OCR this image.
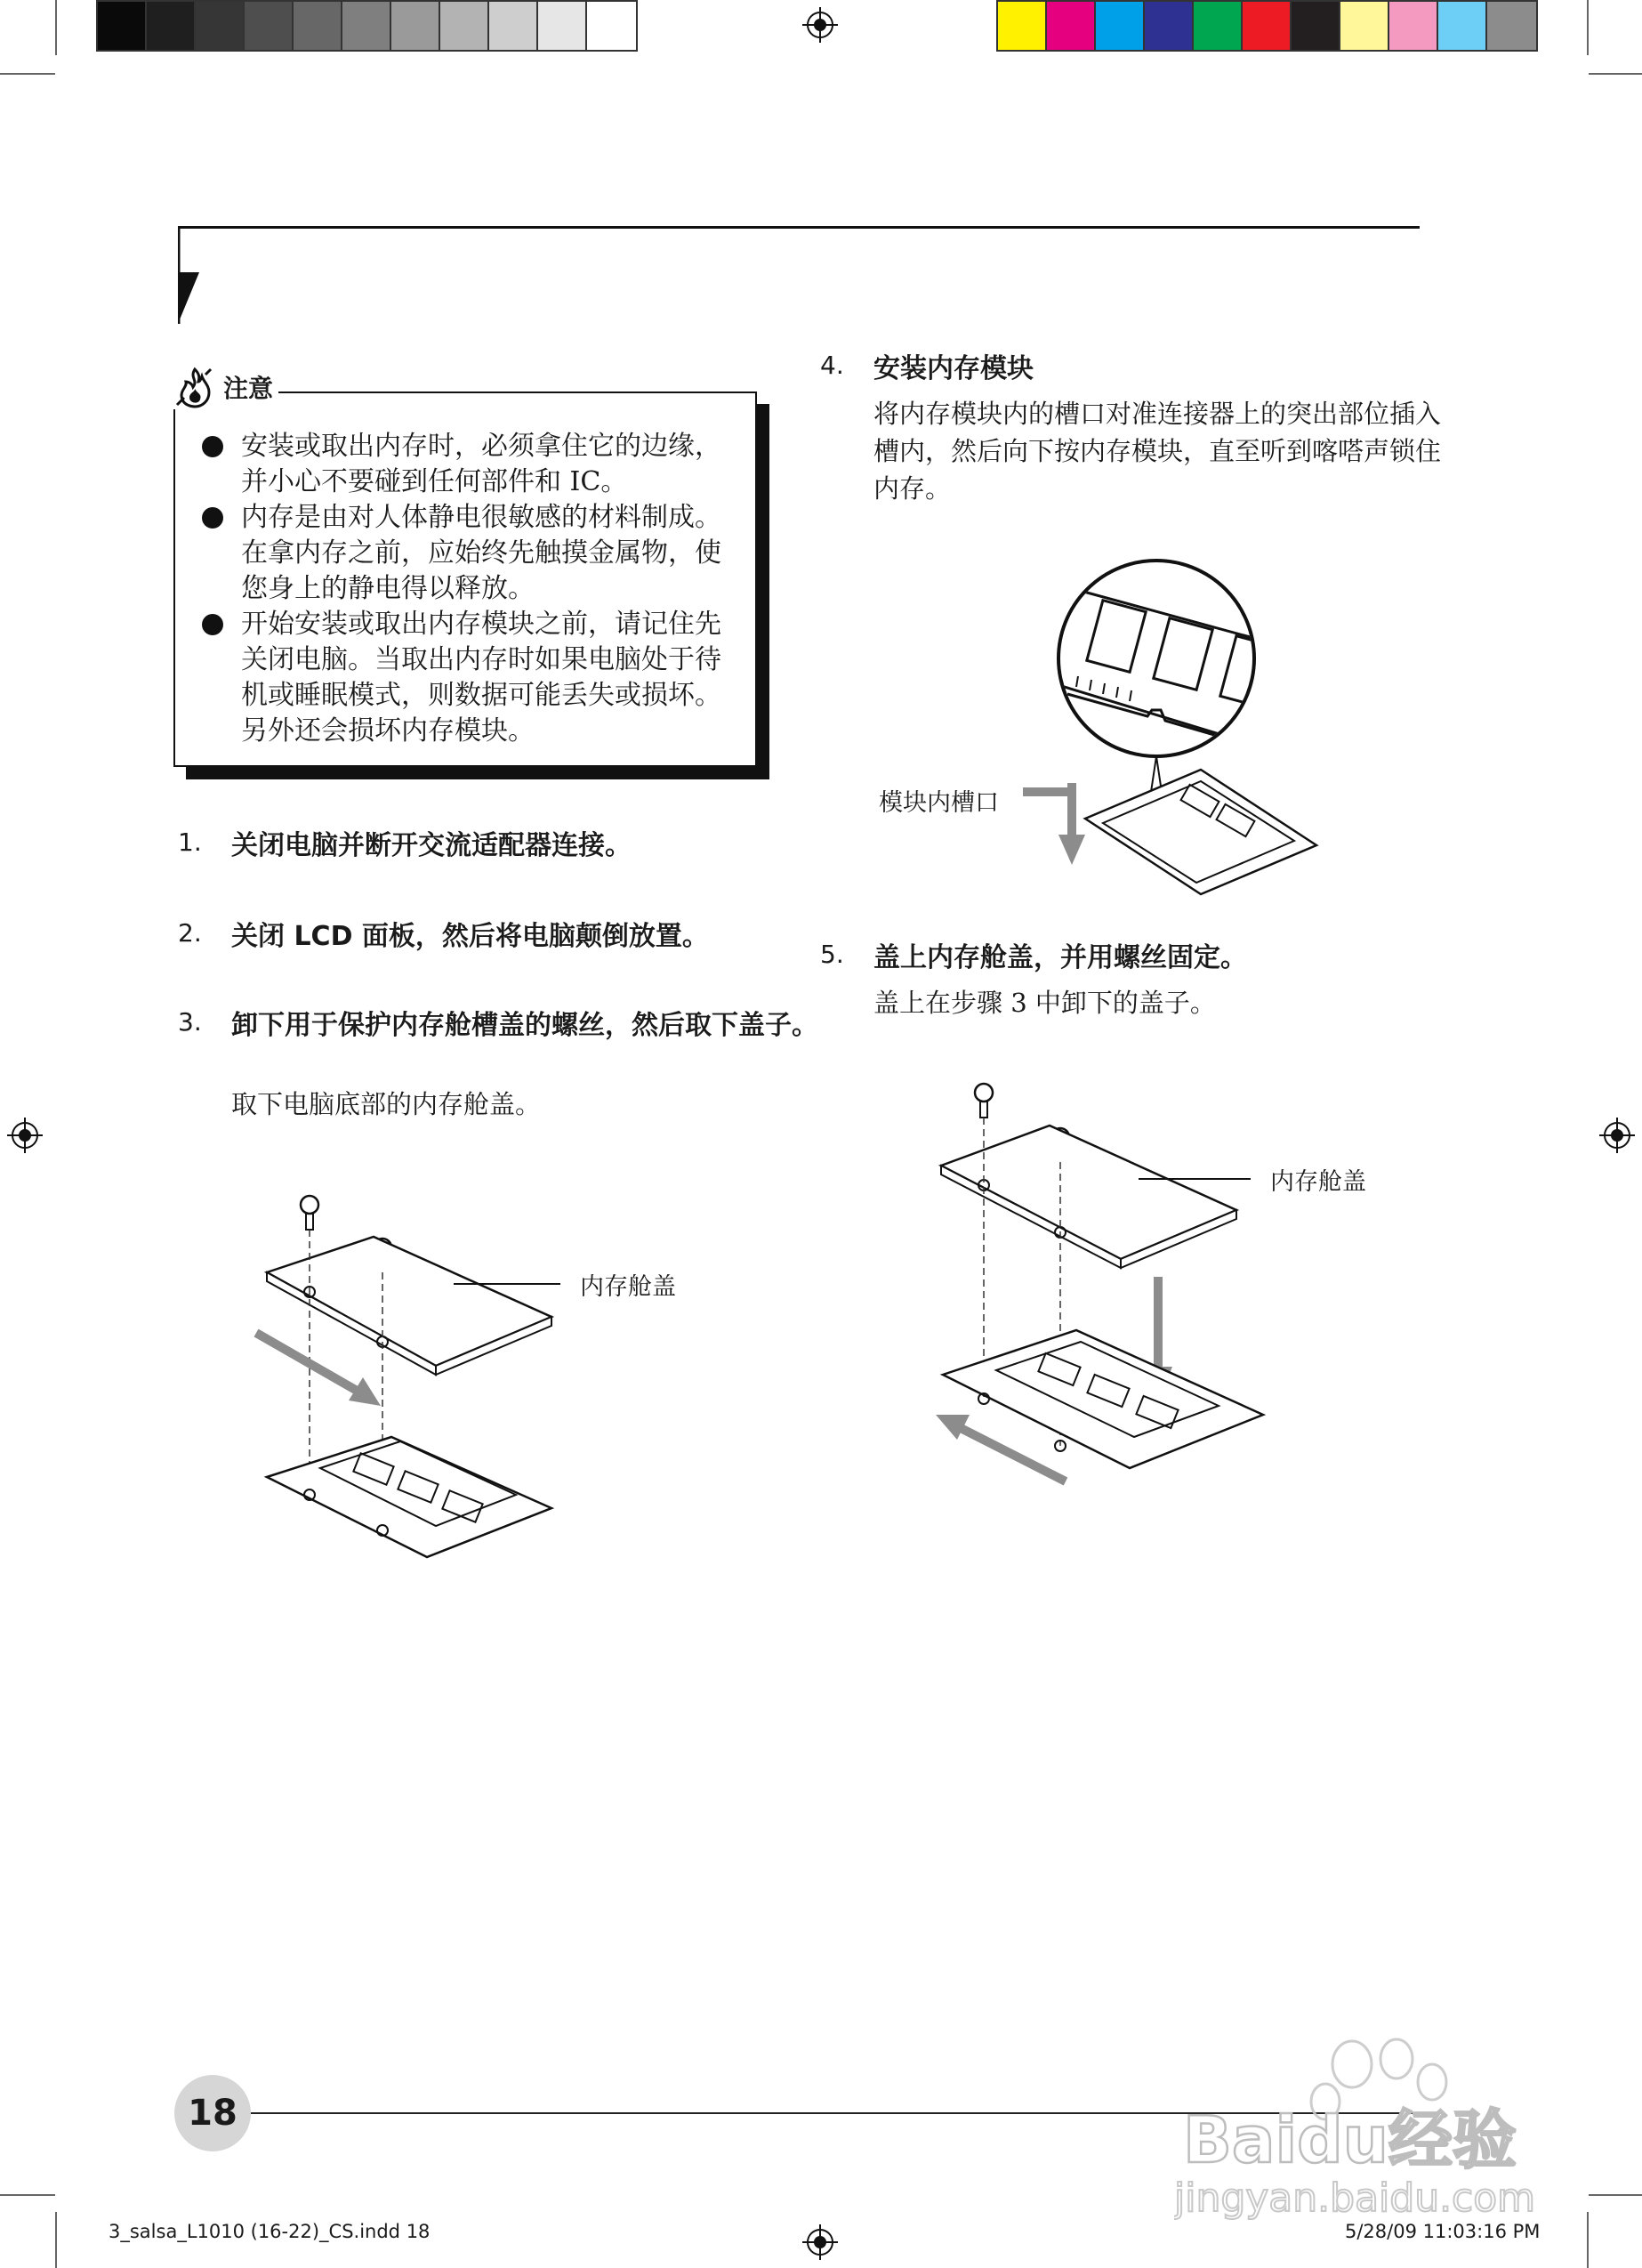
安装或取出内存时，必须拿住它的边缘，并小心不要碰到任何部件和 IC。
内存是由对人体静电很敏感的材料制成。在拿内存之前，应始终先触摸金属物，使您身上的静电得以释放。
开始安装或取出内存模块之前，请记住先关闭电脑。当取出内存时如果电脑处于待机或睡眠模式，则数据可能丢失或损坏。另外还会损坏内存模块。
注意
1. 关闭电脑并断开交流适配器连接。
2. 关闭 LCD 面板，然后将电脑颠倒放置。
3. 卸下用于保护内存舱槽盖的螺丝，然后取下盖子。
取下电脑底部的内存舱盖。
4. 安装内存模块
将内存模块内的槽口对准连接器上的突出部位插入槽内，然后向下按内存模块，直至听到喀嗒声锁住内存。
5. 盖上内存舱盖，并用螺丝固定。
盖上在步骤 3 中卸下的盖子。
内存舱盖
模块内槽口
内存舱盖
18
3_salsa_L1010 (16-22)_CS.indd 18	5/28/09 11:03:16 PM
Baidu经验
jingyan.baidu.com
